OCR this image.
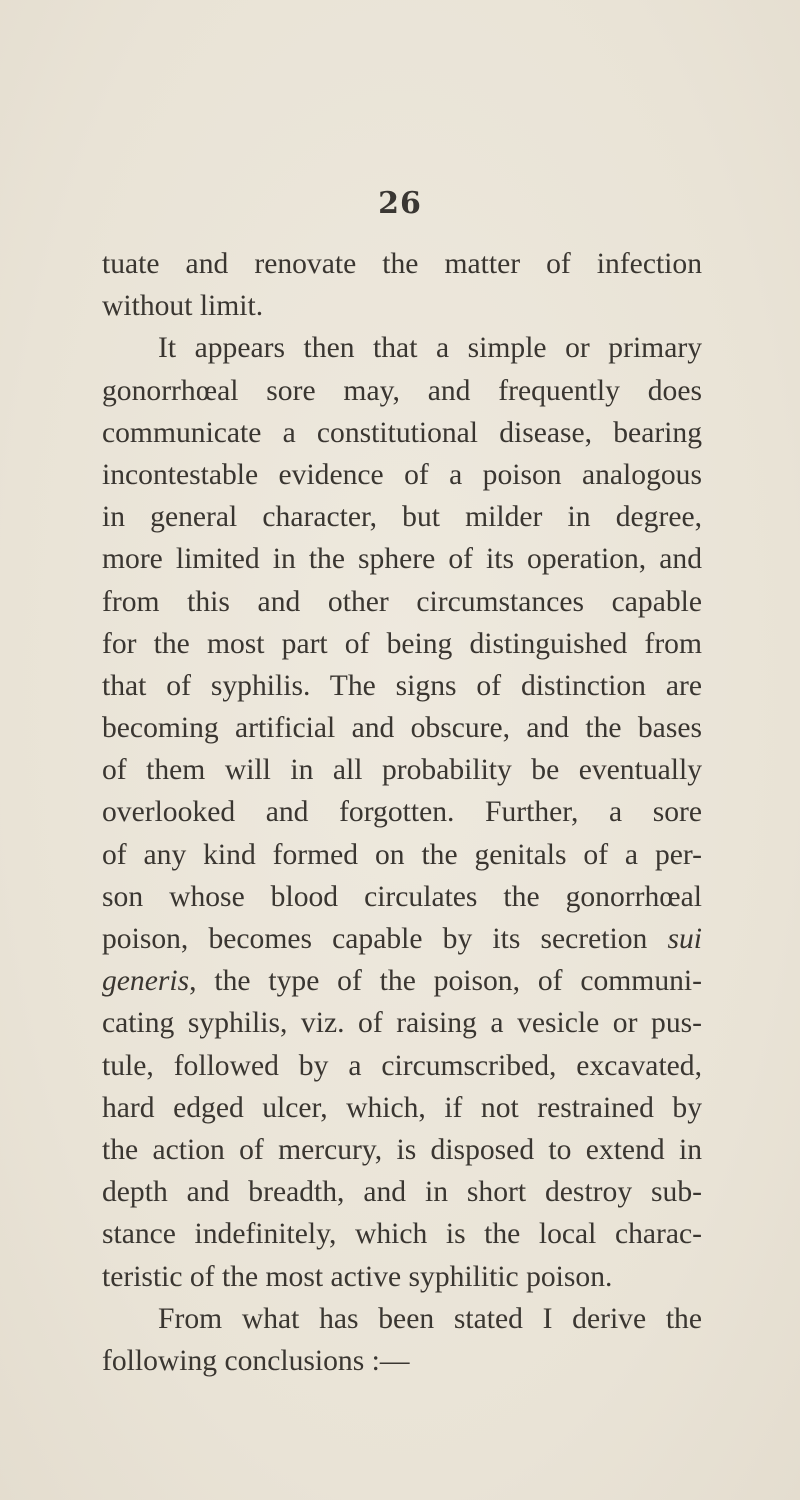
26
tuate and renovate the matter of infection
without limit.
It appears then that a simple or primary
gonorrhœal sore may, and frequently does
communicate a constitutional disease, bearing
incontestable evidence of a poison analogous
in general character, but milder in degree,
more limited in the sphere of its operation, and
from this and other circumstances capable
for the most part of being distinguished from
that of syphilis. The signs of distinction are
becoming artificial and obscure, and the bases
of them will in all probability be eventually
overlooked and forgotten. Further, a sore
of any kind formed on the genitals of a per-
son whose blood circulates the gonorrhœal
poison, becomes capable by its secretion sui
generis, the type of the poison, of communi-
cating syphilis, viz. of raising a vesicle or pus-
tule, followed by a circumscribed, excavated,
hard edged ulcer, which, if not restrained by
the action of mercury, is disposed to extend in
depth and breadth, and in short destroy sub-
stance indefinitely, which is the local charac-
teristic of the most active syphilitic poison.
From what has been stated I derive the
following conclusions :—
